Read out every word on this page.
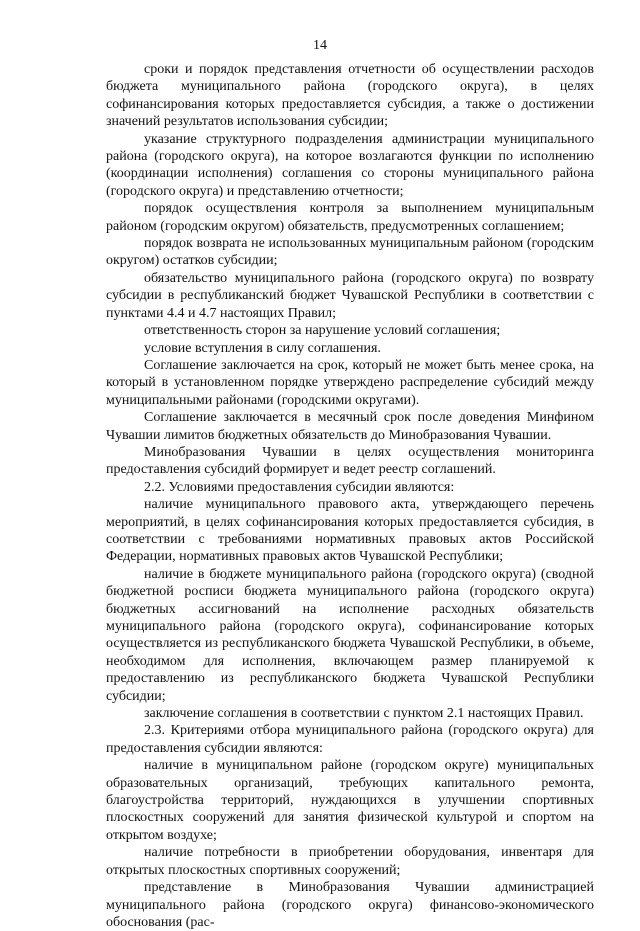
14

сроки и порядок представления отчетности об осуществлении расходов бюджета муниципального района (городского округа), в целях софинансирования которых предоставляется субсидия, а также о достижении значений результатов использования субсидии;

указание структурного подразделения администрации муниципального района (городского округа), на которое возлагаются функции по исполнению (координации исполнения) соглашения со стороны муниципального района (городского округа) и представлению отчетности;

порядок осуществления контроля за выполнением муниципальным районом (городским округом) обязательств, предусмотренных соглашением;

порядок возврата не использованных муниципальным районом (городским округом) остатков субсидии;

обязательство муниципального района (городского округа) по возврату субсидии в республиканский бюджет Чувашской Республики в соответствии с пунктами 4.4 и 4.7 настоящих Правил;

ответственность сторон за нарушение условий соглашения;

условие вступления в силу соглашения.

Соглашение заключается на срок, который не может быть менее срока, на который в установленном порядке утверждено распределение субсидий между муниципальными районами (городскими округами).

Соглашение заключается в месячный срок после доведения Минфином Чувашии лимитов бюджетных обязательств до Минобразования Чувашии.

Минобразования Чувашии в целях осуществления мониторинга предоставления субсидий формирует и ведет реестр соглашений.

2.2. Условиями предоставления субсидии являются:

наличие муниципального правового акта, утверждающего перечень мероприятий, в целях софинансирования которых предоставляется субсидия, в соответствии с требованиями нормативных правовых актов Российской Федерации, нормативных правовых актов Чувашской Республики;

наличие в бюджете муниципального района (городского округа) (сводной бюджетной росписи бюджета муниципального района (городского округа) бюджетных ассигнований на исполнение расходных обязательств муниципального района (городского округа), софинансирование которых осуществляется из республиканского бюджета Чувашской Республики, в объеме, необходимом для исполнения, включающем размер планируемой к предоставлению из республиканского бюджета Чувашской Республики субсидии;

заключение соглашения в соответствии с пунктом 2.1 настоящих Правил.

2.3. Критериями отбора муниципального района (городского округа) для предоставления субсидии являются:

наличие в муниципальном районе (городском округе) муниципальных образовательных организаций, требующих капитального ремонта, благоустройства территорий, нуждающихся в улучшении спортивных плоскостных сооружений для занятия физической культурой и спортом на открытом воздухе;

наличие потребности в приобретении оборудования, инвентаря для открытых плоскостных спортивных сооружений;

представление в Минобразования Чувашии администрацией муниципального района (городского округа) финансово-экономического обоснования (рас-
